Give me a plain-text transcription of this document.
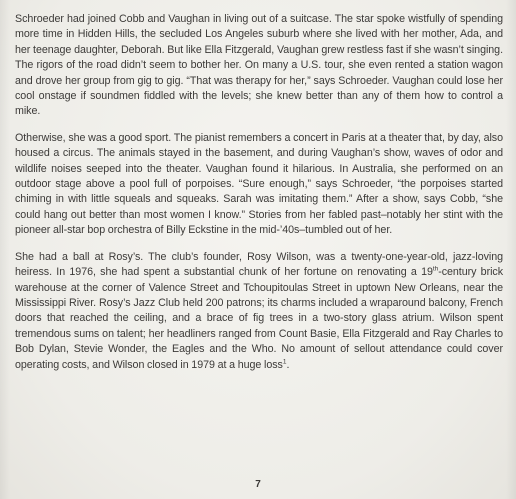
Schroeder had joined Cobb and Vaughan in living out of a suitcase. The star spoke wistfully of spending more time in Hidden Hills, the secluded Los Angeles suburb where she lived with her mother, Ada, and her teenage daughter, Deborah. But like Ella Fitzgerald, Vaughan grew restless fast if she wasn’t singing. The rigors of the road didn’t seem to bother her. On many a U.S. tour, she even rented a station wagon and drove her group from gig to gig. “That was therapy for her,” says Schroeder. Vaughan could lose her cool onstage if soundmen fiddled with the levels; she knew better than any of them how to control a mike.

Otherwise, she was a good sport. The pianist remembers a concert in Paris at a theater that, by day, also housed a circus. The animals stayed in the basement, and during Vaughan’s show, waves of odor and wildlife noises seeped into the theater. Vaughan found it hilarious. In Australia, she performed on an outdoor stage above a pool full of porpoises. “Sure enough,” says Schroeder, “the porpoises started chiming in with little squeals and squeaks. Sarah was imitating them.” After a show, says Cobb, “she could hang out better than most women I know.” Stories from her fabled past–notably her stint with the pioneer all-star bop orchestra of Billy Eckstine in the mid-’40s–tumbled out of her.

She had a ball at Rosy’s. The club’s founder, Rosy Wilson, was a twenty-one-year-old, jazz-loving heiress. In 1976, she had spent a substantial chunk of her fortune on renovating a 19th-century brick warehouse at the corner of Valence Street and Tchoupitoulas Street in uptown New Orleans, near the Mississippi River. Rosy’s Jazz Club held 200 patrons; its charms included a wraparound balcony, French doors that reached the ceiling, and a brace of fig trees in a two-story glass atrium. Wilson spent tremendous sums on talent; her headliners ranged from Count Basie, Ella Fitzgerald and Ray Charles to Bob Dylan, Stevie Wonder, the Eagles and the Who. No amount of sellout attendance could cover operating costs, and Wilson closed in 1979 at a huge loss$^1$.

7
